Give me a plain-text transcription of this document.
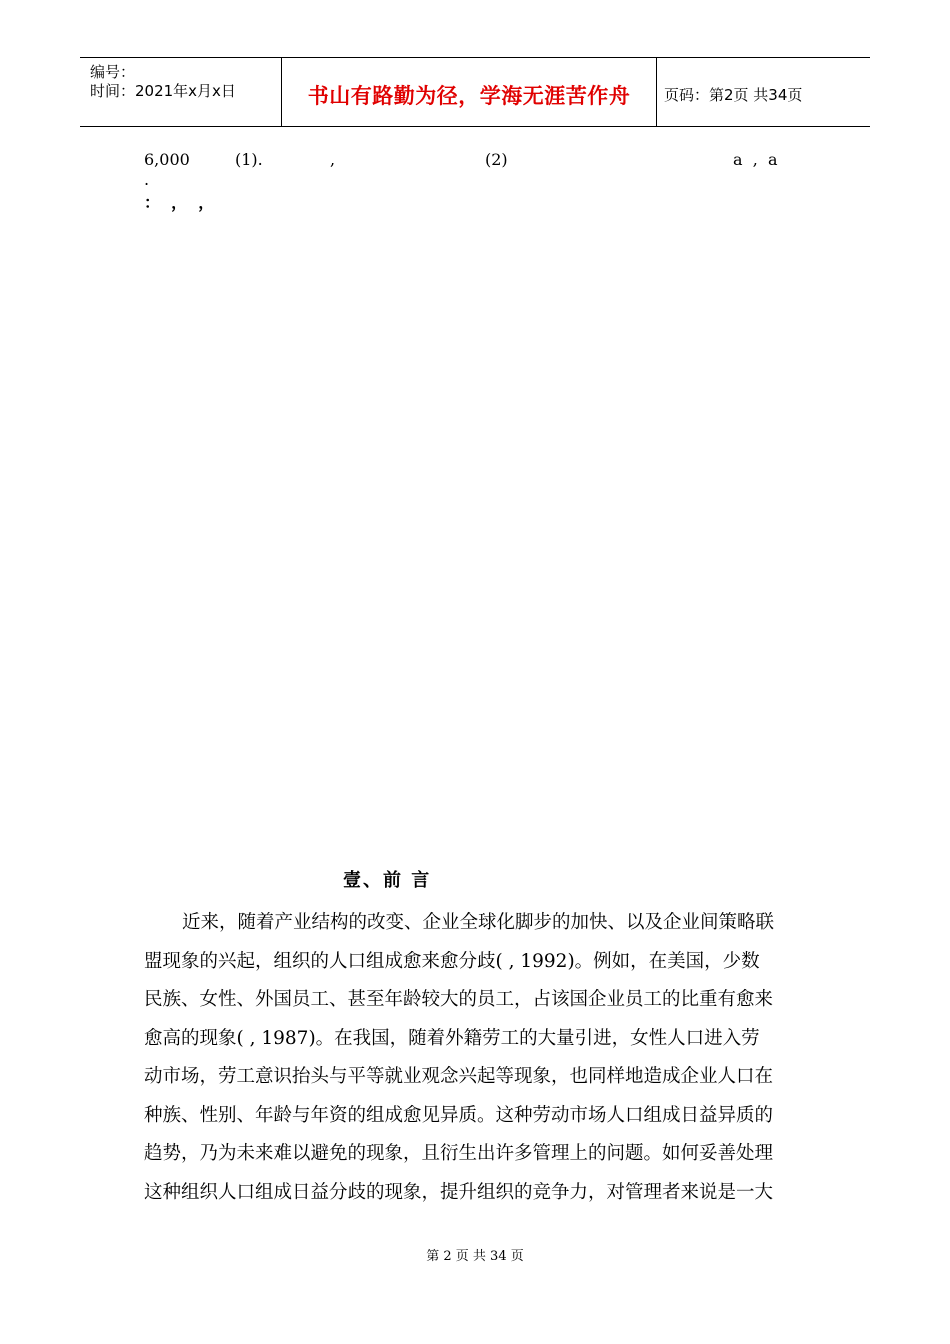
编号：
时间：2021年x月x日	书山有路勤为径，学海无涯苦作舟	页码：第2页 共34页
6,000	(1).	,	(2)	a  ,  a
.
：  ，  ，
壹、前 言
近来，随着产业结构的改变、企业全球化脚步的加快、以及企业间策略联
盟现象的兴起，组织的人口组成愈来愈分歧( , 1992)。例如，在美国，少数
民族、女性、外国员工、甚至年龄较大的员工，占该国企业员工的比重有愈来
愈高的现象( , 1987)。在我国，随着外籍劳工的大量引进，女性人口进入劳
动市场，劳工意识抬头与平等就业观念兴起等现象，也同样地造成企业人口在
种族、性别、年龄与年资的组成愈见异质。这种劳动市场人口组成日益异质的
趋势，乃为未来难以避免的现象，且衍生出许多管理上的问题。如何妥善处理
这种组织人口组成日益分歧的现象，提升组织的竞争力，对管理者来说是一大
第 2 页 共 34 页
